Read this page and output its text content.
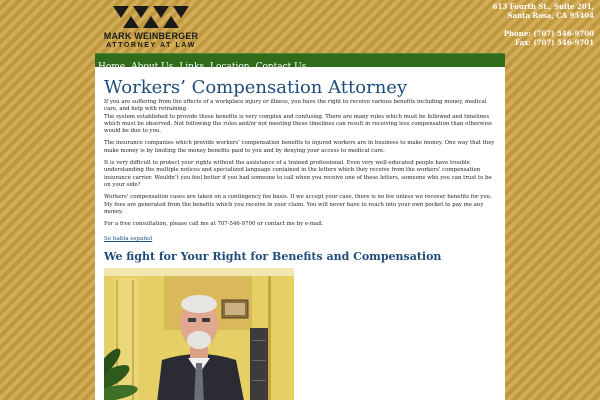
MARK WEINBERGER
ATTORNEY AT LAW
613 Fourth St., Suite 201,
Santa Rosa, CA 95404
Phone: (707) 546-9700
Fax: (707) 546-9701
Workers’ Compensation Attorney

If you are suffering from the effects of a workplace injury or illness, you have the right to receive various benefits including money, medical care, and help with retraining.

The system established to provide these benefits is very complex and confusing. There are many rules which must be followed and timelines which must be observed. Not following the rules and/or not meeting these timelines can result in receiving less compensation than otherwise would be due to you.

The insurance companies which provide workers’ compensation benefits to injured workers are in business to make money. One way that they make money is by limiting the money benefits paid to you and by denying your access to medical care.

It is very difficult to protect your rights without the assistance of a trained professional. Even very well-educated people have trouble understanding the multiple notices and specialized language contained in the letters which they receive from the workers’ compensation insurance carrier. Wouldn’t you feel better if you had someone to call when you receive one of these letters, someone who you can trust to be on your side?

Workers’ compensation cases are taken on a contingency fee basis. If we accept your case, there is no fee unless we recover benefits for you. My fees are generated from the benefits which you receive in your claim. You will never have to reach into your own pocket to pay me any money.

For a free consultation, please call me at 707-546-9700 or contact me by e-mail.

Se habla español

We fight for Your Right for Benefits and Compensation
